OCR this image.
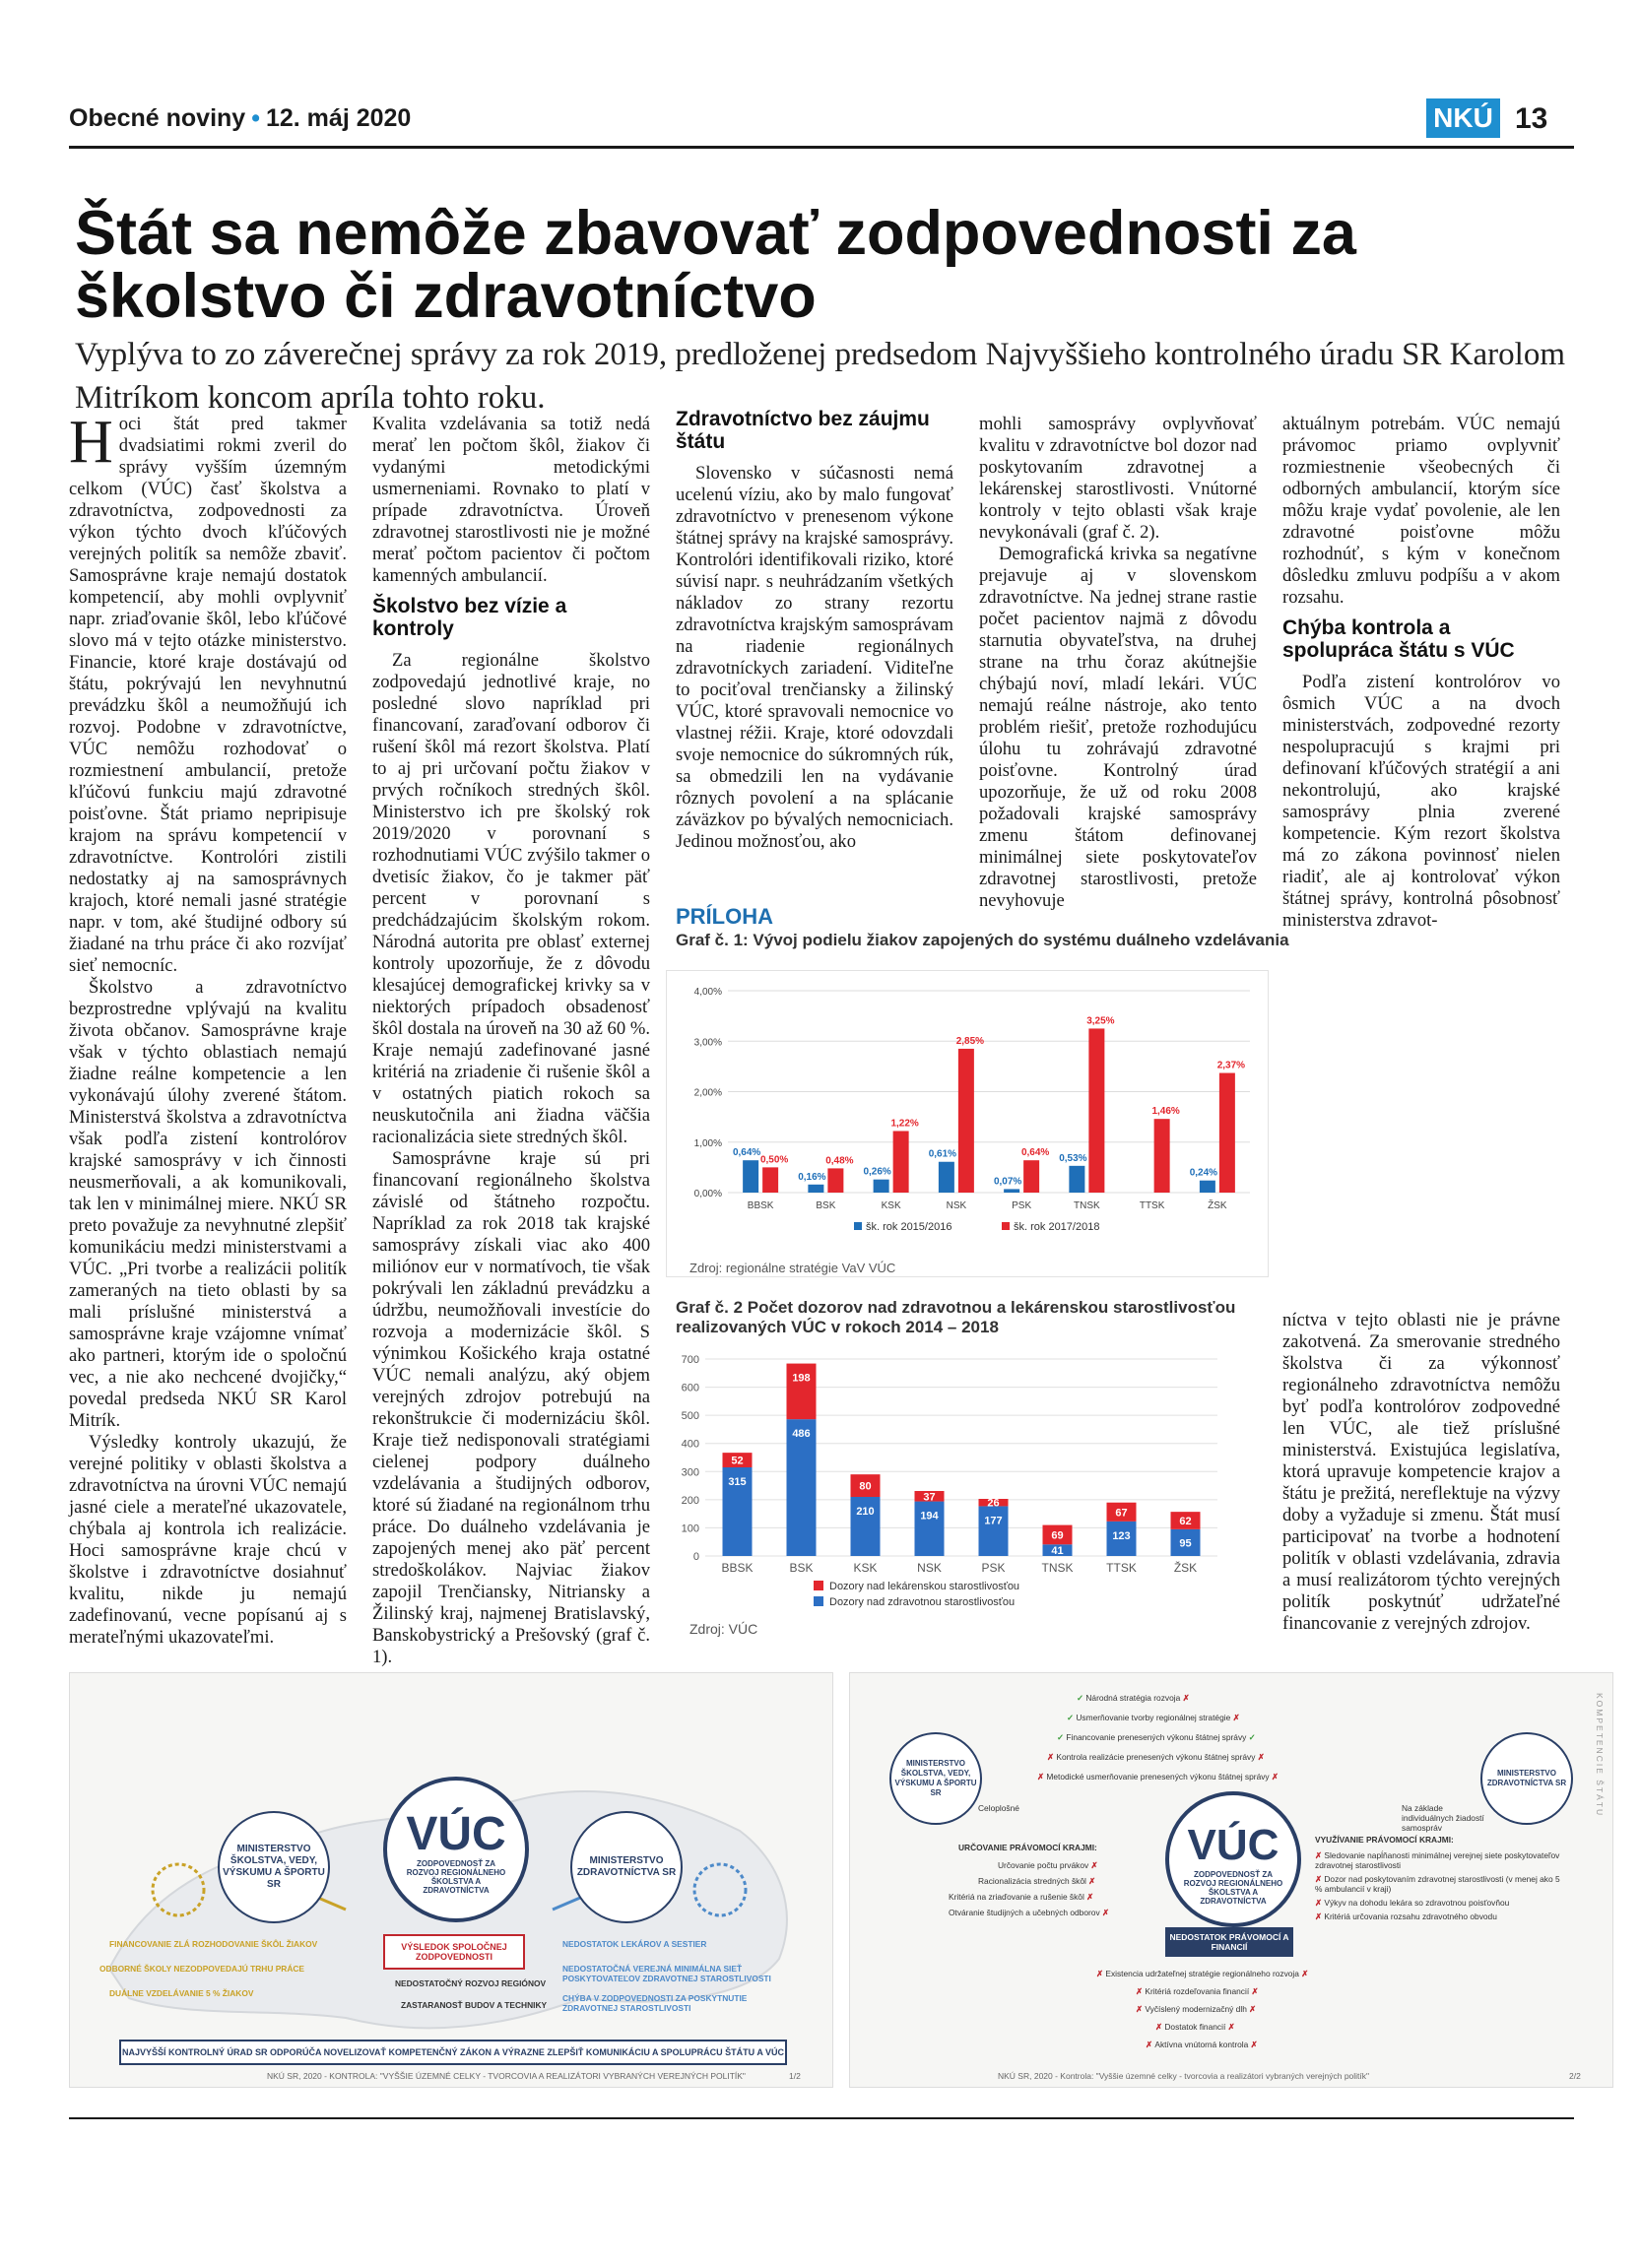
Obecné noviny • 12. máj 2020	NKÚ 13
Štát sa nemôže zbavovať zodpovednosti za školstvo či zdravotníctvo

Vyplýva to zo záverečnej správy za rok 2019, predloženej predsedom Najvyššieho kontrolného úradu SR Karolom Mitríkom koncom apríla tohto roku.

Hoci štát pred takmer dvadsiatimi rokmi zveril do správy vyšším územným celkom (VÚC) časť školstva a zdravotníctva, zodpovednosti za výkon týchto dvoch kľúčových verejných politík sa nemôže zbaviť. Samosprávne kraje nemajú dostatok kompetencií, aby mohli ovplyvniť napr. zriaďovanie škôl, lebo kľúčové slovo má v tejto otázke ministerstvo. Financie, ktoré kraje dostávajú od štátu, pokrývajú len nevyhnutnú prevádzku škôl a neumožňujú ich rozvoj. Podobne v zdravotníctve, VÚC nemôžu rozhodovať o rozmiestnení ambulancií, pretože kľúčovú funkciu majú zdravotné poisťovne. Štát priamo nepripisuje krajom na správu kompetencií v zdravotníctve. Kontrolóri zistili nedostatky aj na samosprávnych krajoch, ktoré nemali jasné stratégie napr. v tom, aké študijné odbory sú žiadané na trhu práce či ako rozvíjať sieť nemocníc.

Školstvo a zdravotníctvo bezprostredne vplývajú na kvalitu života občanov. Samosprávne kraje však v týchto oblastiach nemajú žiadne reálne kompetencie a len vykonávajú úlohy zverené štátom. Ministerstvá školstva a zdravotníctva však podľa zistení kontrolórov krajské samosprávy v ich činnosti neusmerňovali, a ak komunikovali, tak len v minimálnej miere. NKÚ SR preto považuje za nevyhnutné zlepšiť komunikáciu medzi ministerstvami a VÚC. „Pri tvorbe a realizácii politík zameraných na tieto oblasti by sa mali príslušné ministerstvá a samosprávne kraje vzájomne vnímať ako partneri, ktorým ide o spoločnú vec, a nie ako nechcené dvojičky,“ povedal predseda NKÚ SR Karol Mitrík.

Výsledky kontroly ukazujú, že verejné politiky v oblasti školstva a zdravotníctva na úrovni VÚC nemajú jasné ciele a merateľné ukazovatele, chýbala aj kontrola ich realizácie. Hoci samosprávne kraje chcú v školstve i zdravotníctve dosiahnuť kvalitu, nikde ju nemajú zadefinovanú, vecne popísanú aj s merateľnými ukazovateľmi.

Kvalita vzdelávania sa totiž nedá merať len počtom škôl, žiakov či vydanými metodickými usmerneniami. Rovnako to platí v prípade zdravotníctva. Úroveň zdravotnej starostlivosti nie je možné merať počtom pacientov či počtom kamenných ambulancií.

Školstvo bez vízie a kontroly

Za regionálne školstvo zodpovedajú jednotlivé kraje, no posledné slovo napríklad pri financovaní, zaraďovaní odborov či rušení škôl má rezort školstva. Platí to aj pri určovaní počtu žiakov v prvých ročníkoch stredných škôl. Ministerstvo ich pre školský rok 2019/2020 v porovnaní s rozhodnutiami VÚC zvýšilo takmer o dvetisíc žiakov, čo je takmer päť percent v porovnaní s predchádzajúcim školským rokom. Národná autorita pre oblasť externej kontroly upozorňuje, že z dôvodu klesajúcej demografickej krivky sa v niektorých prípadoch obsadenosť škôl dostala na úroveň na 30 až 60 %. Kraje nemajú zadefinované jasné kritériá na zriadenie či rušenie škôl a v ostatných piatich rokoch sa neuskutočnila ani žiadna väčšia racionalizácia siete stredných škôl.

Samosprávne kraje sú pri financovaní regionálneho školstva závislé od štátneho rozpočtu. Napríklad za rok 2018 tak krajské samosprávy získali viac ako 400 miliónov eur v normatívoch, tie však pokrývali len základnú prevádzku a údržbu, neumožňovali investície do rozvoja a modernizácie škôl. S výnimkou Košického kraja ostatné VÚC nemali analýzu, aký objem verejných zdrojov potrebujú na rekonštrukcie či modernizáciu škôl. Kraje tiež nedisponovali stratégiami cielenej podpory duálneho vzdelávania a študijných odborov, ktoré sú žiadané na regionálnom trhu práce. Do duálneho vzdelávania je zapojených menej ako päť percent stredoškolákov. Najviac žiakov zapojil Trenčiansky, Nitriansky a Žilinský kraj, najmenej Bratislavský, Banskobystrický a Prešovský (graf č. 1).

Zdravotníctvo bez záujmu štátu

Slovensko v súčasnosti nemá ucelenú víziu, ako by malo fungovať zdravotníctvo v prenesenom výkone štátnej správy na krajské samosprávy. Kontrolóri identifikovali riziko, ktoré súvisí napr. s neuhrádzaním všetkých nákladov zo strany rezortu zdravotníctva krajským samosprávam na riadenie regionálnych zdravotníckych zariadení. Viditeľne to pociťoval trenčiansky a žilinský VÚC, ktoré spravovali nemocnice vo vlastnej réžii. Kraje, ktoré odovzdali svoje nemocnice do súkromných rúk, sa obmedzili len na vydávanie rôznych povolení a na splácanie záväzkov po bývalých nemocniciach. Jedinou možnosťou, ako

mohli samosprávy ovplyvňovať kvalitu v zdravotníctve bol dozor nad poskytovaním zdravotnej a lekárenskej starostlivosti. Vnútorné kontroly v tejto oblasti však kraje nevykonávali (graf č. 2).

Demografická krivka sa negatívne prejavuje aj v slovenskom zdravotníctve. Na jednej strane rastie počet pacientov najmä z dôvodu starnutia obyvateľstva, na druhej strane na trhu čoraz akútnejšie chýbajú noví, mladí lekári. VÚC nemajú reálne nástroje, ako tento problém riešiť, pretože rozhodujúcu úlohu tu zohrávajú zdravotné poisťovne. Kontrolný úrad upozorňuje, že už od roku 2008 požadovali krajské samosprávy zmenu štátom definovanej minimálnej siete poskytovateľov zdravotnej starostlivosti, pretože nevyhovuje

aktuálnym potrebám. VÚC nemajú právomoc priamo ovplyvniť rozmiestnenie všeobecných či odborných ambulancií, ktorým síce môžu kraje vydať povolenie, ale len zdravotné poisťovne môžu rozhodnúť, s kým v konečnom dôsledku zmluvu podpíšu a v akom rozsahu.

Chýba kontrola a spolupráca štátu s VÚC

Podľa zistení kontrolórov vo ôsmich VÚC a na dvoch ministerstvách, zodpovedné rezorty nespolupracujú s krajmi pri definovaní kľúčových stratégií a ani nekontrolujú, ako krajské samosprávy plnia zverené kompetencie. Kým rezort školstva má zo zákona povinnosť nielen riadiť, ale aj kontrolovať výkon štátnej správy, kontrolná pôsobnosť ministerstva zdravot-

níctva v tejto oblasti nie je právne zakotvená. Za smerovanie stredného školstva či za výkonnosť regionálneho zdravotníctva nemôžu byť podľa kontrolórov zodpovedné len VÚC, ale tiež príslušné ministerstvá. Existujúca legislatíva, ktorá upravuje kompetencie krajov a štátu je prežitá, nereflektuje na výzvy doby a vyžaduje si zmenu. Štát musí participovať na tvorbe a hodnotení politík v oblasti vzdelávania, zdravia a musí realizátorom týchto verejných politík poskytnúť udržateľné financovanie z verejných zdrojov.

PRÍLOHA
Graf č. 1: Vývoj podielu žiakov zapojených do systému duálneho vzdelávania
0,00%
1,00%
2,00%
3,00%
4,00%
0,64%
0,50%
BBSK
0,16%
0,48%
BSK
0,26%
1,22%
KSK
0,61%
2,85%
NSK
0,07%
0,64%
PSK
0,53%
3,25%
TNSK
1,46%
TTSK
0,24%
2,37%
ŽSK
šk. rok 2015/2016	šk. rok 2017/2018
Zdroj: regionálne stratégie VaV VÚC
Graf č. 2 Počet dozorov nad zdravotnou a lekárenskou starostlivosťou realizovaných VÚC v rokoch 2014 – 2018
0
100
200
300
400
500
600
700
315
52
BBSK
486
198
BSK
210
80
KSK
194
37
NSK
177
26
PSK
41
69
TNSK
123
67
TTSK
95
62
ŽSK
Dozory nad lekárenskou starostlivosťou
Dozory nad zdravotnou starostlivosťou
Zdroj: VÚC
MINISTERSTVO ŠKOLSTVA, VEDY, VÝSKUMU A ŠPORTU SR
MINISTERSTVO ZDRAVOTNÍCTVA SR
VÚC
ZODPOVEDNOSŤ ZA ROZVOJ REGIONÁLNEHO ŠKOLSTVA A ZDRAVOTNÍCTVA
VÝSLEDOK SPOLOČNEJ ZODPOVEDNOSTI
FINANCOVANIE ZLÁ ROZHODOVANIE ŠKÔL ŽIAKOV
ODBORNÉ ŠKOLY NEZODPOVEDAJÚ TRHU PRÁCE
DUÁLNE VZDELÁVANIE 5 % ŽIAKOV
NEDOSTATOČNÝ ROZVOJ REGIÓNOV
ZASTARANOSŤ BUDOV A TECHNIKY
NEDOSTATOK LEKÁROV A SESTIER
NEDOSTATOČNÁ VEREJNÁ MINIMÁLNA SIEŤ POSKYTOVATEĽOV ZDRAVOTNEJ STAROSTLIVOSTI
CHÝBA V ZODPOVEDNOSTI ZA POSKYTNUTIE ZDRAVOTNEJ STAROSTLIVOSTI
NAJVYŠŠÍ KONTROLNÝ ÚRAD SR ODPORÚČA NOVELIZOVAŤ KOMPETENČNÝ ZÁKON A VÝRAZNE ZLEPŠIŤ KOMUNIKÁCIU A SPOLUPRÁCU ŠTÁTU A VÚC
NKÚ SR, 2020 - KONTROLA: "VYŠŠIE ÚZEMNÉ CELKY - TVORCOVIA A REALIZÁTORI VYBRANÝCH VEREJNÝCH POLITÍK"	1/2
KOMPETENCIE ŠTÁTU
MINISTERSTVO ŠKOLSTVA, VEDY, VÝSKUMU A ŠPORTU SR
MINISTERSTVO ZDRAVOTNÍCTVA SR
Celoplošné	Na základe individuálnych žiadostí samospráv
✓ Národná stratégia rozvoja ✗
✓ Usmerňovanie tvorby regionálnej stratégie ✗
✓ Financovanie prenesených výkonu štátnej správy ✓
✗ Kontrola realizácie prenesených výkonu štátnej správy ✗
✗ Metodické usmerňovanie prenesených výkonu štátnej správy ✗
VÚC
ZODPOVEDNOSŤ ZA ROZVOJ REGIONÁLNEHO ŠKOLSTVA A ZDRAVOTNÍCTVA
NEDOSTATOK PRÁVOMOCÍ A FINANCIÍ
URČOVANIE PRÁVOMOCÍ KRAJMI:
Určovanie počtu prvákov ✗
Racionalizácia stredných škôl ✗
Kritériá na zriaďovanie a rušenie škôl ✗
Otváranie študijných a učebných odborov ✗
VYUŽÍVANIE PRÁVOMOCÍ KRAJMI:
✗ Sledovanie napĺňanosti minimálnej verejnej siete poskytovateľov zdravotnej starostlivosti
✗ Dozor nad poskytovaním zdravotnej starostlivosti (v menej ako 5 % ambulancií v kraji)
✗ Výkyv na dohodu lekára so zdravotnou poisťovňou
✗ Kritériá určovania rozsahu zdravotného obvodu
✗ Existencia udržateľnej stratégie regionálneho rozvoja ✗
✗ Kritériá rozdeľovania financií ✗
✗ Vyčíslený modernizačný dlh ✗
✗ Dostatok financií ✗
✗ Aktívna vnútorná kontrola ✗
NKÚ SR, 2020 - Kontrola: "Vyššie územné celky - tvorcovia a realizátori vybraných verejných politík"	2/2
